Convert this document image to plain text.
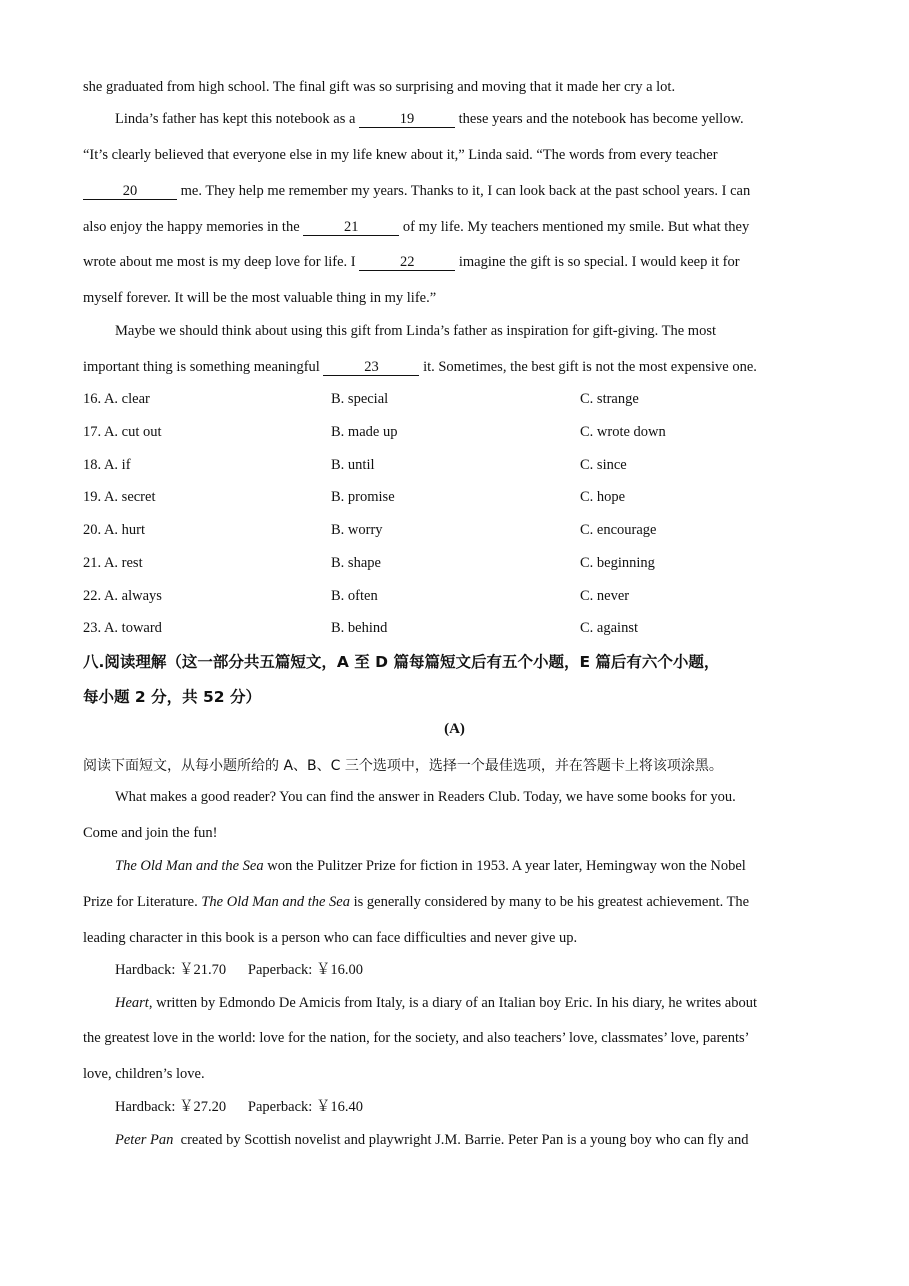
she graduated from high school. The final gift was so surprising and moving that it made her cry a lot.
Linda’s father has kept this notebook as a	19	these years and the notebook has become yellow.
“It’s clearly believed that everyone else in my life knew about it,” Linda said. “The words from every teacher
20	me. They help me remember my years. Thanks to it, I can look back at the past school years. I can
also enjoy the happy memories in the	21	of my life. My teachers mentioned my smile. But what they
wrote about me most is my deep love for life. I	22	imagine the gift is so special. I would keep it for
myself forever. It will be the most valuable thing in my life.”
Maybe we should think about using this gift from Linda’s father as inspiration for gift-giving. The most
important thing is something meaningful	23	it. Sometimes, the best gift is not the most expensive one.
16. A. clear	B. special	C. strange
17. A. cut out	B. made up	C. wrote down
18. A. if	B. until	C. since
19. A. secret	B. promise	C. hope
20. A. hurt	B. worry	C. encourage
21. A. rest	B. shape	C. beginning
22. A. always	B. often	C. never
23. A. toward	B. behind	C. against
八.阅读理解（这一部分共五篇短文，A 至 D 篇每篇短文后有五个小题，E 篇后有六个小题，
每小题 2 分，共 52 分）
(A)
阅读下面短文，从每小题所给的 A、B、C 三个选项中，选择一个最佳选项，并在答题卡上将该项涂黑。
What makes a good reader? You can find the answer in Readers Club. Today, we have some books for you.
Come and join the fun!
The Old Man and the Sea won the Pulitzer Prize for fiction in 1953. A year later, Hemingway won the Nobel
Prize for Literature. The Old Man and the Sea is generally considered by many to be his greatest achievement. The
leading character in this book is a person who can face difficulties and never give up.
Hardback: ￥21.70      Paperback: ￥16.00
Heart, written by Edmondo De Amicis from Italy, is a diary of an Italian boy Eric. In his diary, he writes about
the greatest love in the world: love for the nation, for the society, and also teachers’ love, classmates’ love, parents’
love, children’s love.
Hardback: ￥27.20      Paperback: ￥16.40
Peter Pan  created by Scottish novelist and playwright J.M. Barrie. Peter Pan is a young boy who can fly and
